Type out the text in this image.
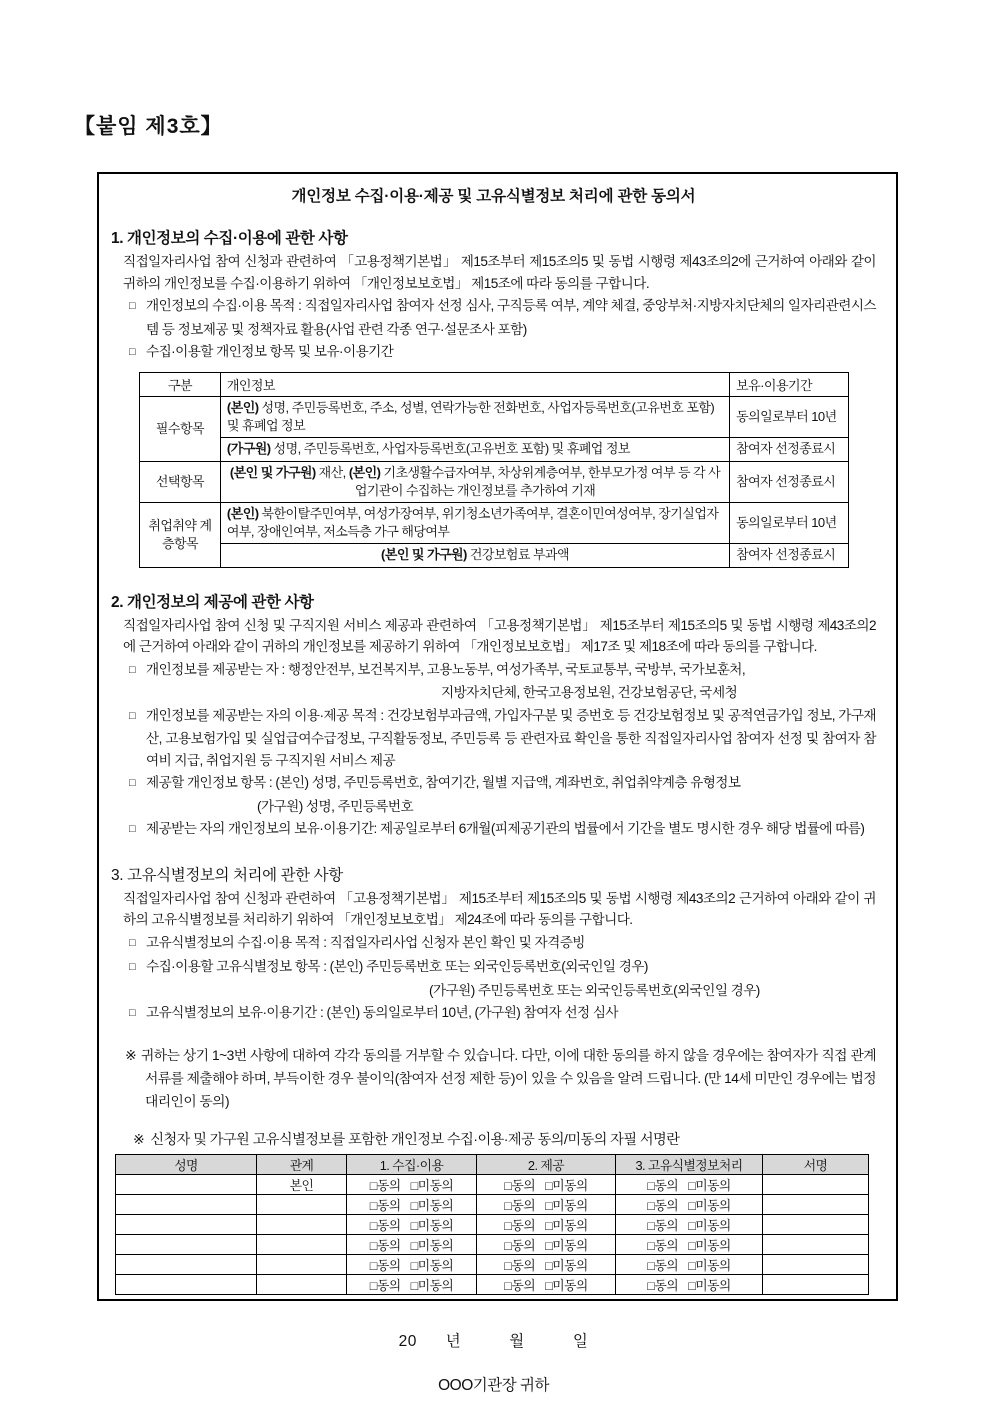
【붙임 제3호】
개인정보 수집·이용·제공 및 고유식별정보 처리에 관한 동의서
1. 개인정보의 수집·이용에 관한 사항
직접일자리사업 참여 신청과 관련하여 「고용정책기본법」 제15조부터 제15조의5 및 동법 시행령 제43조의2에 근거하여 아래와 같이 귀하의 개인정보를 수집·이용하기 위하여 「개인정보보호법」 제15조에 따라 동의를 구합니다.
□ 개인정보의 수집·이용 목적 : 직접일자리사업 참여자 선정 심사, 구직등록 여부, 계약 체결, 중앙부처·지방자치단체의 일자리관련시스템 등 정보제공 및 정책자료 활용(사업 관련 각종 연구·설문조사 포함)
□ 수집·이용할 개인정보 항목 및 보유·이용기간
구분	개인정보	보유·이용기간
필수항목	(본인) 성명, 주민등록번호, 주소, 성별, 연락가능한 전화번호, 사업자등록번호(고유번호 포함) 및 휴폐업 정보	동의일로부터 10년
	(가구원) 성명, 주민등록번호, 사업자등록번호(고유번호 포함) 및 휴폐업 정보	참여자 선정종료시
선택항목	(본인 및 가구원) 재산, (본인) 기초생활수급자여부, 차상위계층여부, 한부모가정 여부 등 각 사업기관이 수집하는 개인정보를 추가하여 기재	참여자 선정종료시
취업취약 계층항목	(본인) 북한이탈주민여부, 여성가장여부, 위기청소년가족여부, 결혼이민여성여부, 장기실업자여부, 장애인여부, 저소득층 가구 해당여부	동의일로부터 10년
	(본인 및 가구원) 건강보험료 부과액	참여자 선정종료시
2. 개인정보의 제공에 관한 사항
직접일자리사업 참여 신청 및 구직지원 서비스 제공과 관련하여 「고용정책기본법」 제15조부터 제15조의5 및 동법 시행령 제43조의2에 근거하여 아래와 같이 귀하의 개인정보를 제공하기 위하여 「개인정보보호법」 제17조 및 제18조에 따라 동의를 구합니다.
□ 개인정보를 제공받는 자 : 행정안전부, 보건복지부, 고용노동부, 여성가족부, 국토교통부, 국방부, 국가보훈처,
지방자치단체, 한국고용정보원, 건강보험공단, 국세청
□ 개인정보를 제공받는 자의 이용·제공 목적 : 건강보험부과금액, 가입자구분 및 증번호 등 건강보험정보 및 공적연금가입 정보, 가구재산, 고용보험가입 및 실업급여수급정보, 구직활동정보, 주민등록 등 관련자료 확인을 통한 직접일자리사업 참여자 선정 및 참여자 참여비 지급, 취업지원 등 구직지원 서비스 제공
□ 제공할 개인정보 항목 : (본인) 성명, 주민등록번호, 참여기간, 월별 지급액, 계좌번호, 취업취약계층 유형정보
(가구원) 성명, 주민등록번호
□ 제공받는 자의 개인정보의 보유·이용기간: 제공일로부터 6개월(피제공기관의 법률에서 기간을 별도 명시한 경우 해당 법률에 따름)
3. 고유식별정보의 처리에 관한 사항
직접일자리사업 참여 신청과 관련하여 「고용정책기본법」 제15조부터 제15조의5 및 동법 시행령 제43조의2 근거하여 아래와 같이 귀하의 고유식별정보를 처리하기 위하여 「개인정보보호법」 제24조에 따라 동의를 구합니다.
□ 고유식별정보의 수집·이용 목적 : 직접일자리사업 신청자 본인 확인 및 자격증빙
□ 수집·이용할 고유식별정보 항목 : (본인) 주민등록번호 또는 외국인등록번호(외국인일 경우)
(가구원) 주민등록번호 또는 외국인등록번호(외국인일 경우)
□ 고유식별정보의 보유·이용기간 : (본인) 동의일로부터 10년, (가구원) 참여자 선정 심사
※ 귀하는 상기 1~3번 사항에 대하여 각각 동의를 거부할 수 있습니다. 다만, 이에 대한 동의를 하지 않을 경우에는 참여자가 직접 관계서류를 제출해야 하며, 부득이한 경우 불이익(참여자 선정 제한 등)이 있을 수 있음을 알려 드립니다. (만 14세 미만인 경우에는 법정대리인이 동의)
※ 신청자 및 가구원 고유식별정보를 포함한 개인정보 수집·이용·제공 동의/미동의 자필 서명란
성명	관계	1. 수집·이용	2. 제공	3. 고유식별정보처리	서명
	본인	□동의 □미동의	□동의 □미동의	□동의 □미동의	
		□동의 □미동의	□동의 □미동의	□동의 □미동의	
		□동의 □미동의	□동의 □미동의	□동의 □미동의	
		□동의 □미동의	□동의 □미동의	□동의 □미동의	
		□동의 □미동의	□동의 □미동의	□동의 □미동의	
		□동의 □미동의	□동의 □미동의	□동의 □미동의	
20      년          월          일
OOO기관장 귀하
